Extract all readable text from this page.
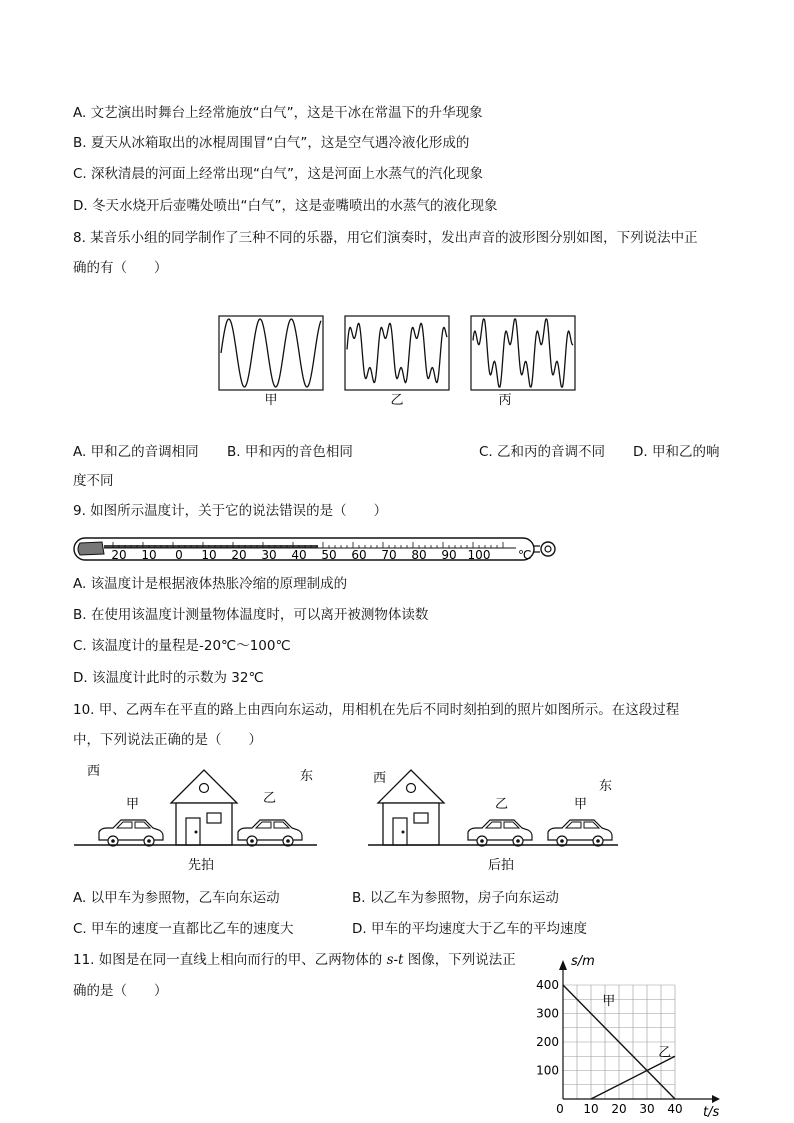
A. 文艺演出时舞台上经常施放“白气”，这是干冰在常温下的升华现象
B. 夏天从冰箱取出的冰棍周围冒“白气”，这是空气遇冷液化形成的
C. 深秋清晨的河面上经常出现“白气”，这是河面上水蒸气的汽化现象
D. 冬天水烧开后壶嘴处喷出“白气”，这是壶嘴喷出的水蒸气的液化现象
8. 某音乐小组的同学制作了三种不同的乐器，用它们演奏时，发出声音的波形图分别如图，下列说法中正
确的有（　　）
甲	乙	丙
A. 甲和乙的音调相同 B. 甲和丙的音色相同	C. 乙和丙的音调不同 D. 甲和乙的响
度不同
9. 如图所示温度计，关于它的说法错误的是（　　）
20 10 0 10 20 30 40 50 60 70 80 90 100 ℃
A. 该温度计是根据液体热胀冷缩的原理制成的
B. 在使用该温度计测量物体温度时，可以离开被测物体读数
C. 该温度计的量程是-20℃～100℃
D. 该温度计此时的示数为 32℃
10. 甲、乙两车在平直的路上由西向东运动，用相机在先后不同时刻拍到的照片如图所示。在这段过程
中，下列说法正确的是（　　）
西	东
甲	乙
西
东
乙	甲
先拍	后拍
A. 以甲车为参照物，乙车向东运动	B. 以乙车为参照物，房子向东运动
C. 甲车的速度一直都比乙车的速度大	D. 甲车的平均速度大于乙车的平均速度
11. 如图是在同一直线上相向而行的甲、乙两物体的 s-t 图像，下列说法正
确的是（　　）
100
200
300
400
0 10 20 30 40
甲
乙
s/m
t/s
